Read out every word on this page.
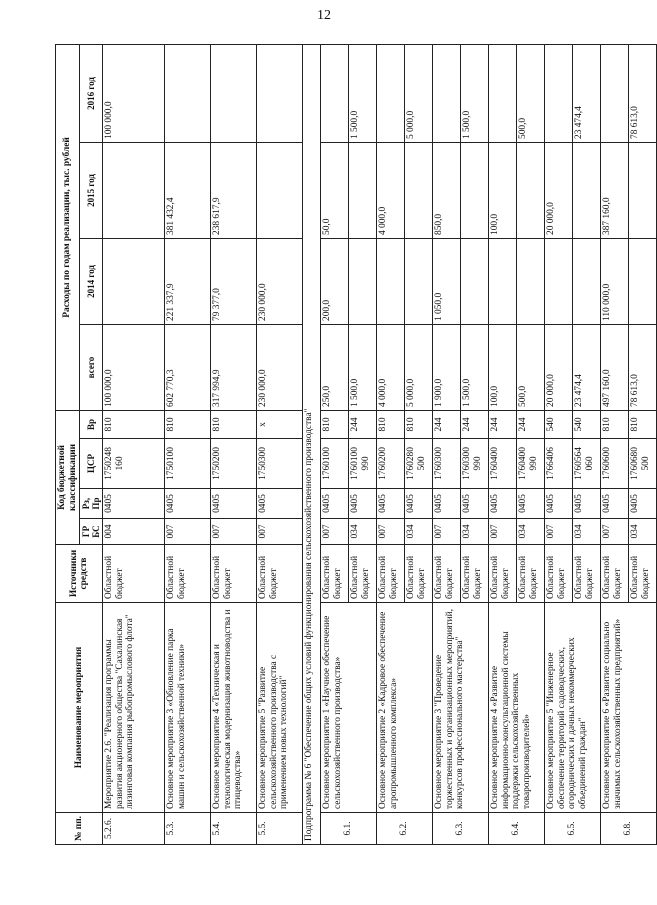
12
№ пп.	Наименование мероприятия	Источники средств	Код бюджетной классификации				Расходы по годам реализации, тыс. рублей			
			ГР БС	Рз, Пр	ЦСР	Вр	всего	2014 год	2015 год	2016 год
5.2.6.	Мероприятие 2.6. "Реализация программы развития акционерного общества "Сахалинская лизинговая компания рыбопромыслового флота"	Областной бюджет	004	0405	1750248 160	810	100 000,0			100 000,0
5.3.	Основное мероприятие 3 «Обновление парка машин и сельскохозяйственной техники»	Областной бюджет	007	0405	1750100	810	602 770,3	221 337,9	381 432,4	
5.4.	Основное мероприятие 4 «Техническая и технологическая модернизация животноводства и птицеводства»	Областной бюджет	007	0405	1750200	810	317 994,9	79 377,0	238 617,9	
5.5.	Основное мероприятие 5 "Развитие сельскохозяйственного производства с применением новых технологий"	Областной бюджет	007	0405	1750300	х	230 000,0	230 000,0		
Подпрограмма № 6 "Обеспечение общих условий функционирования сельскохозяйственного производства"										
6.1.	Основное мероприятие 1 «Научное обеспечение сельскохозяйственного производства»	Областной бюджет	007	0405	1760100	810	250,0	200,0	50,0	
		Областной бюджет	034	0405	1760100 990	244	1 500,0			1 500,0
6.2.	Основное мероприятие 2 «Кадровое обеспечение агропромышленного комплекса»	Областной бюджет	007	0405	1760200	810	4 000,0		4 000,0	
		Областной бюджет	034	0405	1760280 500	810	5 000,0			5 000,0
6.3.	Основное мероприятие 3 "Проведение торжественных и организационных мероприятий, конкурсов профессионального мастерства"	Областной бюджет	007	0405	1760300	244	1 900,0	1 050,0	850,0	
		Областной бюджет	034	0405	1760300 990	244	1 500,0			1 500,0
6.4.	Основное мероприятие 4 «Развитие информационно-консультационной системы поддержки сельскохозяйственных товаропроизводителей»	Областной бюджет	007	0405	1760400	244	100,0		100,0	
		Областной бюджет	034	0405	1760400 990	244	500,0			500,0
6.5.	Основное мероприятие 5 "Инженерное обеспечение территорий садоводческих, огороднических и дачных некоммерческих объединений граждан"	Областной бюджет	007	0405	1766406	540	20 000,0		20 000,0	
		Областной бюджет	034	0405	1760564 060	540	23 474,4			23 474,4
6.8.	Основное мероприятие 6 «Развитие социально значимых сельскохозяйственных предприятий»	Областной бюджет	007	0405	1760600	810	497 160,0	110 000,0	387 160,0	
		Областной бюджет	034	0405	1760680 500	810	78 613,0			78 613,0
